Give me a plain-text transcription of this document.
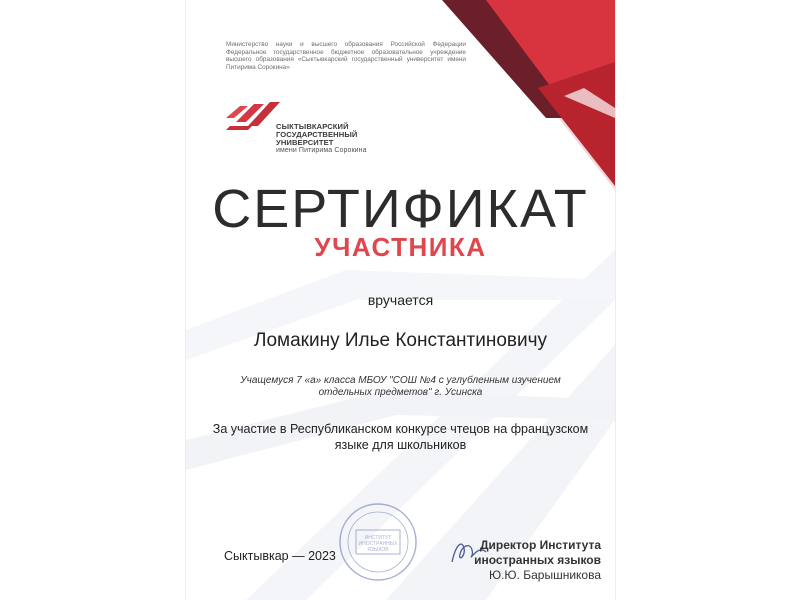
Министерство науки и высшего образования Российской Федерации Федеральное государственное бюджетное образовательное учреждение высшего образования «Сыктывкарский государственный университет имени Питирима Сорокина»
СЫКТЫВКАРСКИЙ
ГОСУДАРСТВЕННЫЙ
УНИВЕРСИТЕТ
имени Питирима Сорокина
СЕРТИФИКАТ
УЧАСТНИКА
вручается
Ломакину Илье Константиновичу
Учащемуся 7 «а» класса МБОУ "СОШ №4 с углубленным изучением отдельных предметов" г. Усинска
За участие в Республиканском конкурсе чтецов на французском языке для школьников
ИНСТИТУТ
ИНОСТРАННЫХ
ЯЗЫКОВ
Сыктывкар — 2023
Директор Института
иностранных языков
Ю.Ю. Барышникова
